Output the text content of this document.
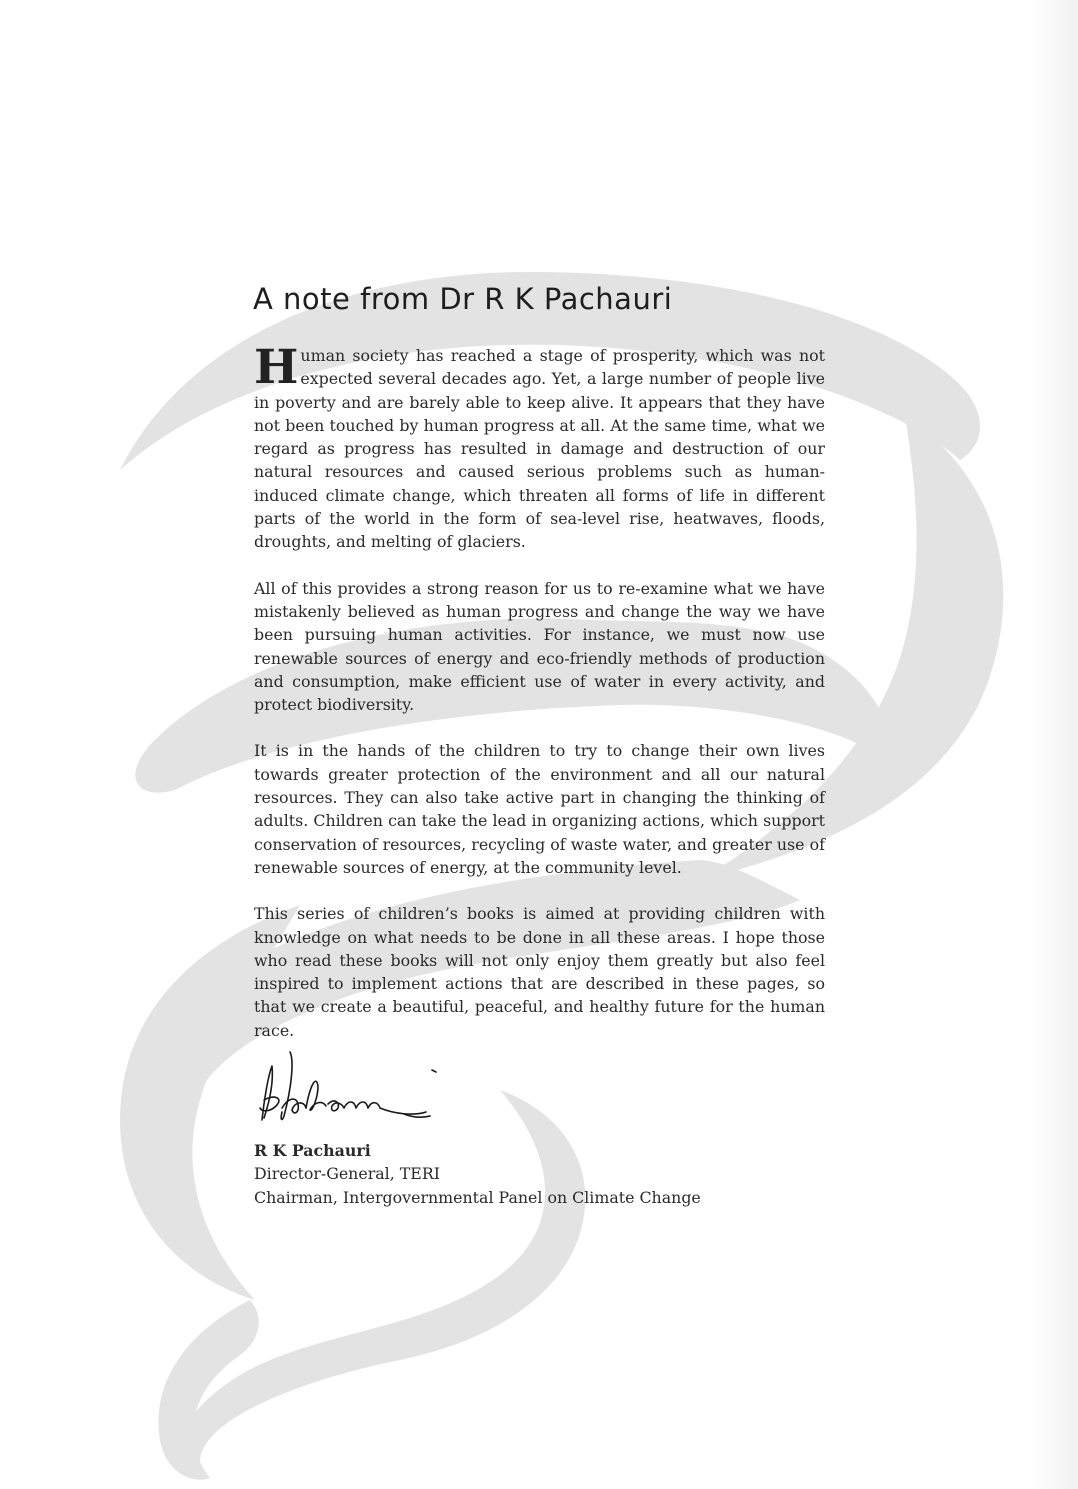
A note from Dr R K Pachauri

Human society has reached a stage of prosperity, which was not expected several decades ago. Yet, a large number of people live in poverty and are barely able to keep alive. It appears that they have not been touched by human progress at all. At the same time, what we regard as progress has resulted in damage and destruction of our natural resources and caused serious problems such as human-induced climate change, which threaten all forms of life in different parts of the world in the form of sea-level rise, heatwaves, floods, droughts, and melting of glaciers.

All of this provides a strong reason for us to re-examine what we have mistakenly believed as human progress and change the way we have been pursuing human activities. For instance, we must now use renewable sources of energy and eco-friendly methods of production and consumption, make efficient use of water in every activity, and protect biodiversity.

It is in the hands of the children to try to change their own lives towards greater protection of the environment and all our natural resources. They can also take active part in changing the thinking of adults. Children can take the lead in organizing actions, which support conservation of resources, recycling of waste water, and greater use of renewable sources of energy, at the community level.

This series of children’s books is aimed at providing children with knowledge on what needs to be done in all these areas. I hope those who read these books will not only enjoy them greatly but also feel inspired to implement actions that are described in these pages, so that we create a beautiful, peaceful, and healthy future for the human race.

R K Pachauri
Director-General, TERI
Chairman, Intergovernmental Panel on Climate Change
